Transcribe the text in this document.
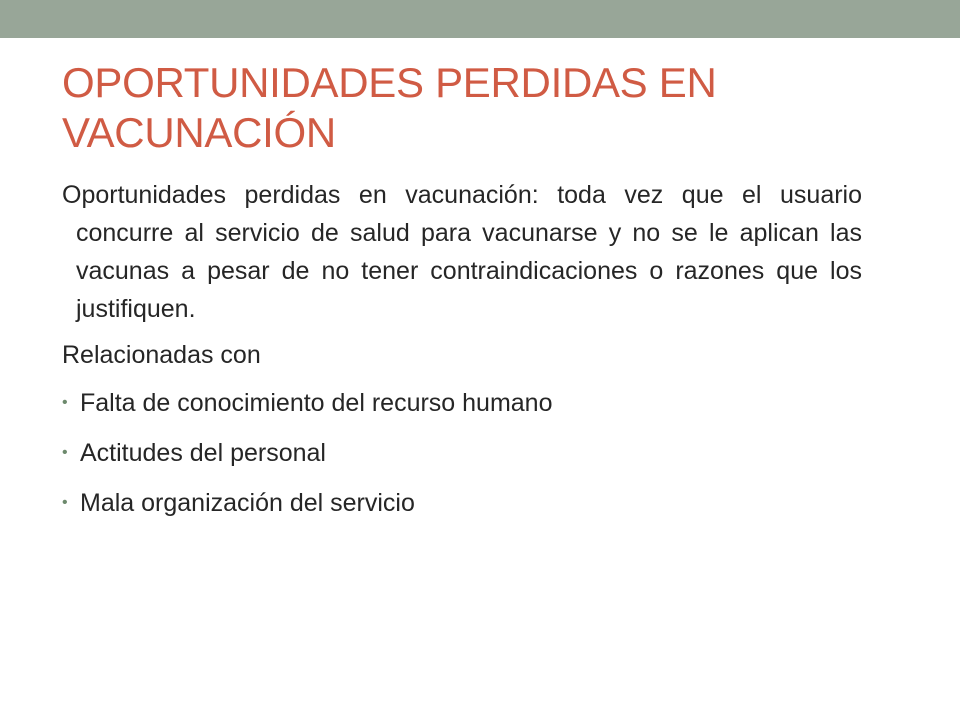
OPORTUNIDADES PERDIDAS EN VACUNACIÓN

Oportunidades perdidas en vacunación: toda vez que el usuario concurre al servicio de salud para vacunarse y no se le aplican las vacunas a pesar de no tener contraindicaciones o razones que los justifiquen.

Relacionadas con

• Falta de conocimiento del recurso humano
• Actitudes del personal
• Mala organización del servicio
